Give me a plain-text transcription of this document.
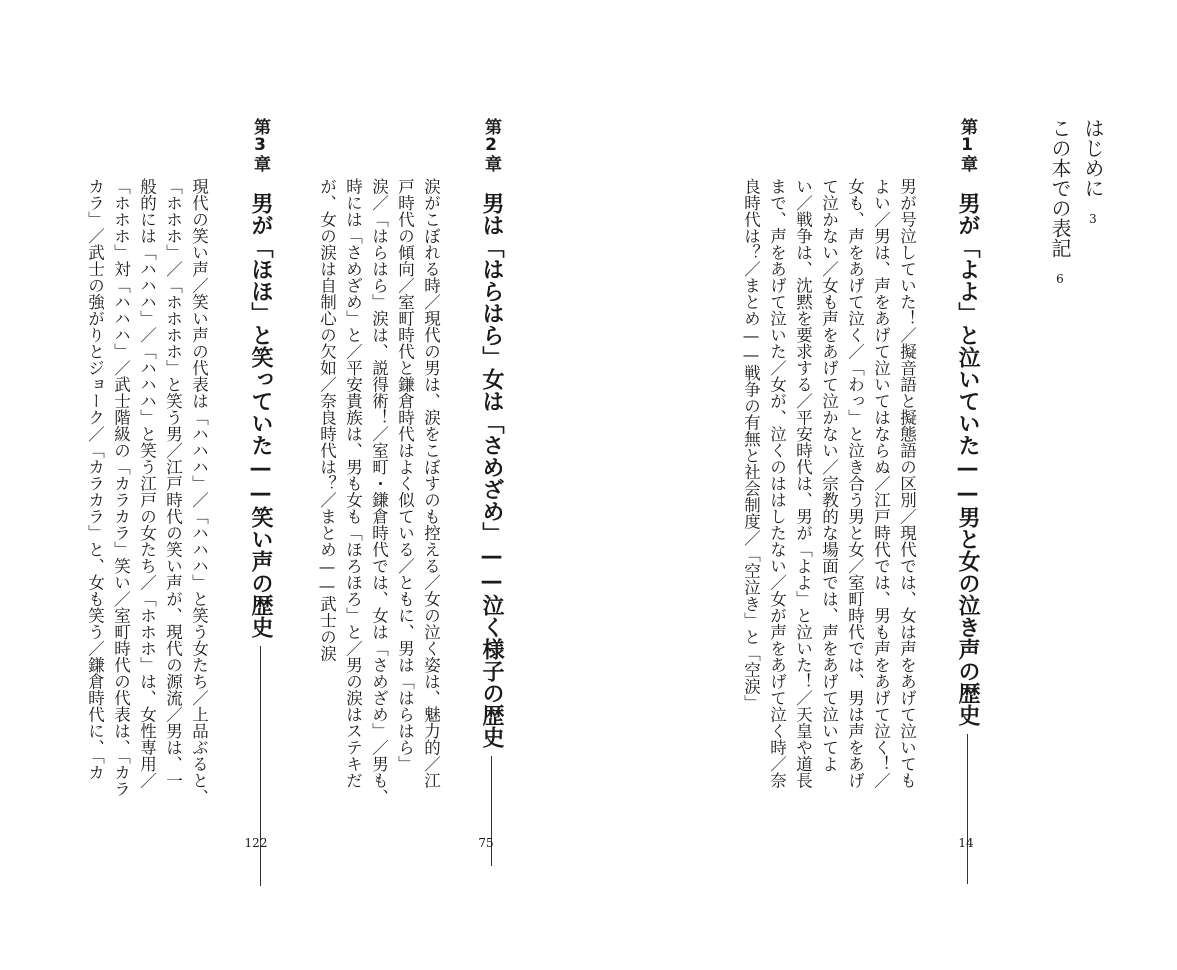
はじめに3
この本での表記6
第1章
男が「よよ」と泣いていた——男と女の泣き声の歴史
14
男が号泣していた！／擬音語と擬態語の区別／現代では、女は声をあげて泣いても
よい／男は、声をあげて泣いてはならぬ／江戸時代では、男も声をあげて泣く！／
女も、声をあげて泣く／「わっ」と泣き合う男と女／室町時代では、男は声をあげ
て泣かない／女も声をあげて泣かない／宗教的な場面では、声をあげて泣いてよ
い／戦争は、沈黙を要求する／平安時代は、男が「よよ」と泣いた！／天皇や道長
まで、声をあげて泣いた／女が、泣くのははしたない／女が声をあげて泣く時／奈
良時代は？／まとめ——戦争の有無と社会制度／「空泣き」と「空涙」
第2章
男は「はらはら」女は「さめざめ」——泣く様子の歴史
75
涙がこぼれる時／現代の男は、涙をこぼすのも控える／女の泣く姿は、魅力的／江
戸時代の傾向／室町時代と鎌倉時代はよく似ている／ともに、男は「はらはら」
涙／「はらはら」涙は、説得術！／室町・鎌倉時代では、女は「さめざめ」／男も、
時には「さめざめ」と／平安貴族は、男も女も「ほろほろ」と／男の涙はステキだ
が、女の涙は自制心の欠如／奈良時代は？／まとめ——武士の涙
第3章
男が「ほほ」と笑っていた——笑い声の歴史
122
現代の笑い声／笑い声の代表は「ハハハ」／「ハハハ」と笑う女たち／上品ぶると、
「ホホホ」／「ホホホホ」と笑う男／江戸時代の笑い声が、現代の源流／男は、一
般的には「ハハハ」／「ハハハ」と笑う江戸の女たち／「ホホホ」は、女性専用／
「ホホホ」対「ハハハ」／武士階級の「カラカラ」笑い／室町時代の代表は、「カラ
カラ」／武士の強がりとジョーク／「カラカラ」と、女も笑う／鎌倉時代に、「カ
